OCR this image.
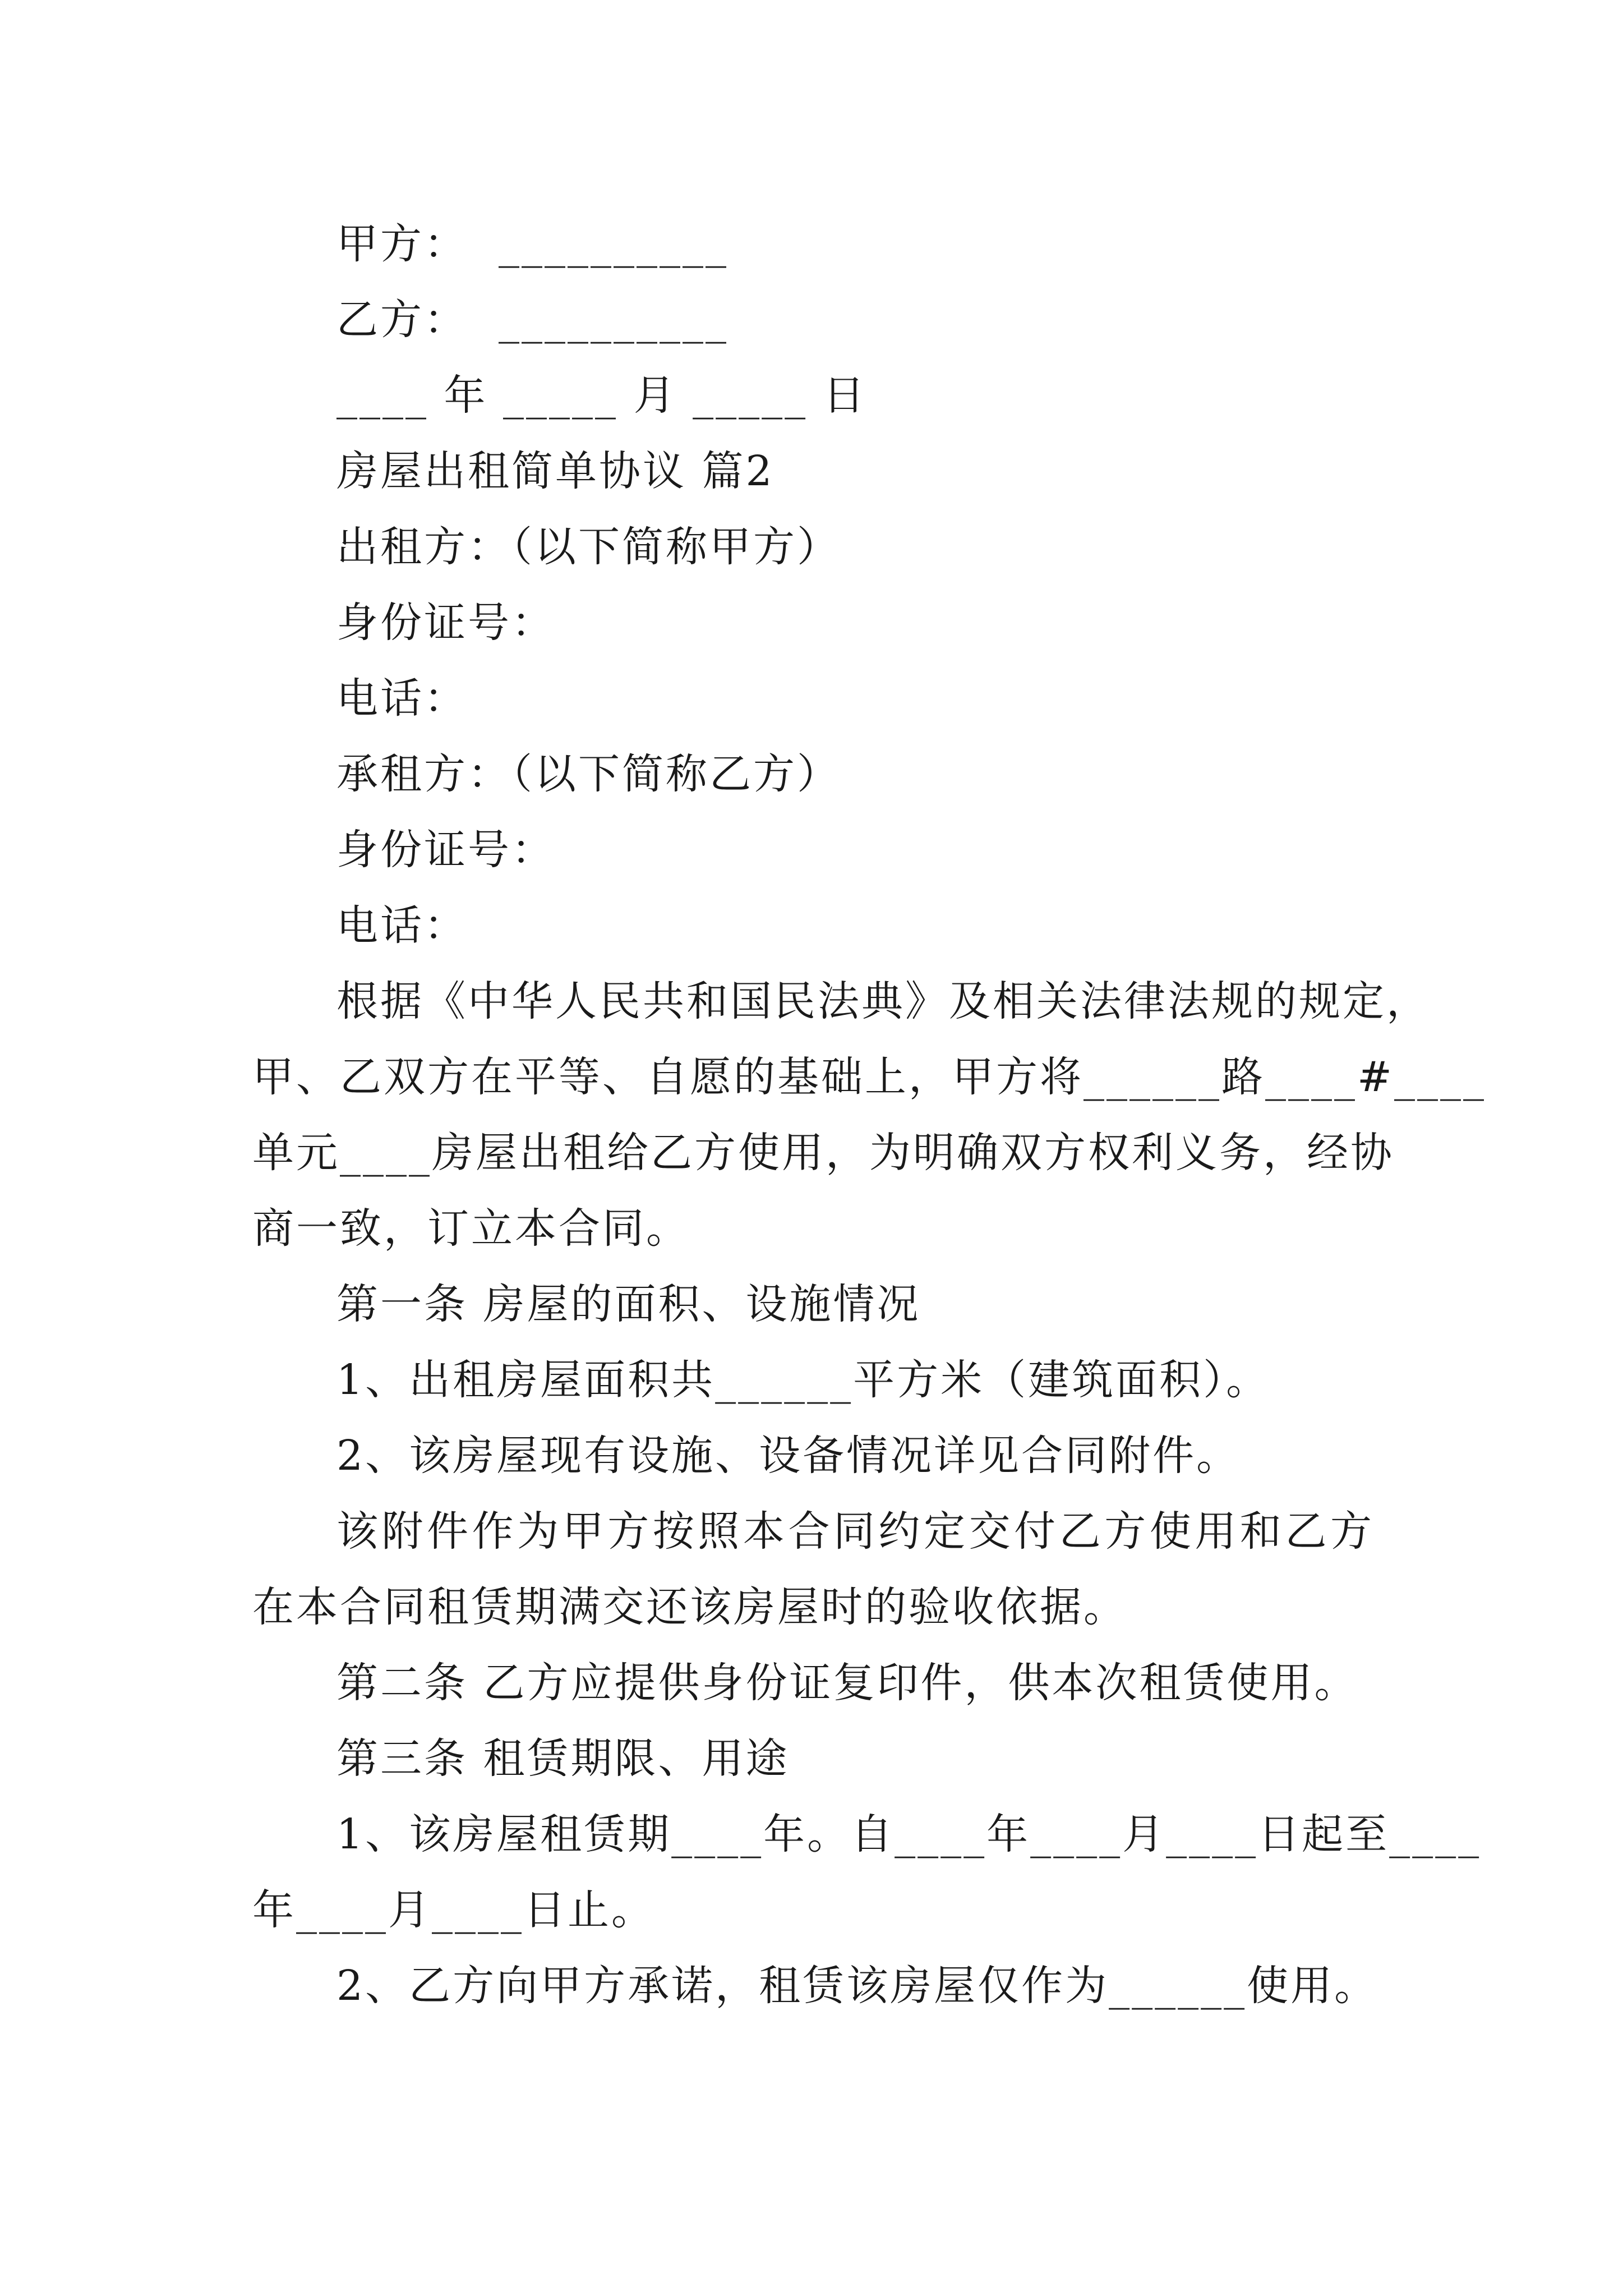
甲方：  __________
乙方：  __________
____ 年 _____ 月 _____ 日
房屋出租简单协议 篇2
出租方：（以下简称甲方）
身份证号：
电话：
承租方：（以下简称乙方）
身份证号：
电话：
根据《中华人民共和国民法典》及相关法律法规的规定，
甲、乙双方在平等、自愿的基础上，甲方将______路____#____
单元____房屋出租给乙方使用，为明确双方权利义务，经协
商一致，订立本合同。
第一条 房屋的面积、设施情况
1、出租房屋面积共______平方米（建筑面积）。
2、该房屋现有设施、设备情况详见合同附件。
该附件作为甲方按照本合同约定交付乙方使用和乙方
在本合同租赁期满交还该房屋时的验收依据。
第二条 乙方应提供身份证复印件，供本次租赁使用。
第三条 租赁期限、用途
1、该房屋租赁期____年。自____年____月____日起至____
年____月____日止。
2、乙方向甲方承诺，租赁该房屋仅作为______使用。
